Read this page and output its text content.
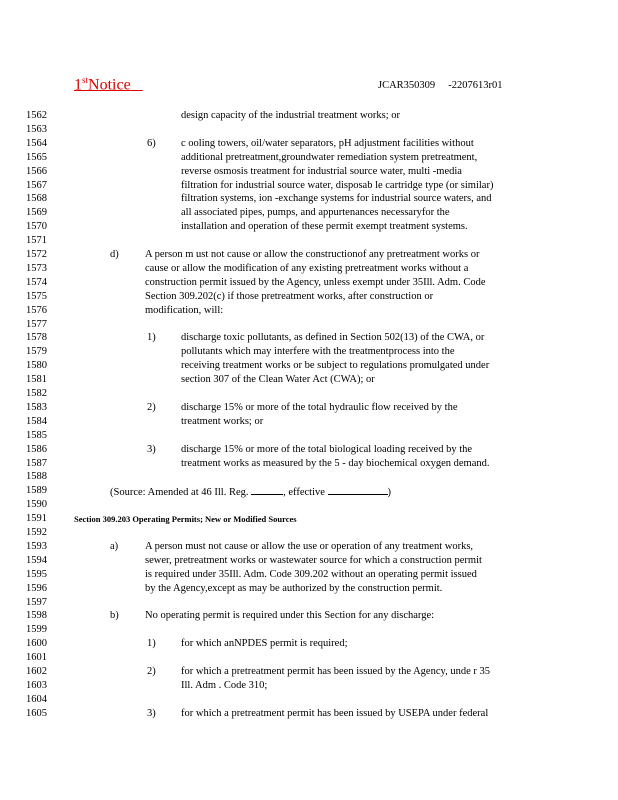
1stNotice	JCAR350309     -2207613r01
1562	design capacity of the industrial treatment works; or
1563
1564	6) c ooling towers, oil/water separators, pH adjustment facilities without
1565	additional pretreatment,groundwater remediation system pretreatment,
1566	reverse osmosis treatment for industrial source water, multi -media
1567	filtration for industrial source water, disposab le cartridge type (or similar)
1568	filtration systems, ion -exchange systems for industrial source waters, and
1569	all associated pipes, pumps, and appurtenances necessaryfor the
1570	installation and operation of these permit exempt treatment systems.
1571
1572	d)	A person m ust not cause or allow the constructionof any pretreatment works or
1573	cause or allow the modification of any existing pretreatment works without a
1574	construction permit issued by the Agency, unless exempt under 35Ill. Adm. Code
1575	Section 309.202(c) if those pretreatment works, after construction or
1576	modification, will:
1577
1578	1) discharge toxic pollutants, as defined in Section 502(13) of the CWA, or
1579	pollutants which may interfere with the treatmentprocess into the
1580	receiving treatment works or be subject to regulations promulgated under
1581	section 307 of the Clean Water Act (CWA); or
1582
1583	2) discharge 15% or more of the total hydraulic flow received by the
1584	treatment works; or
1585
1586	3) discharge 15% or more of the total biological loading received by the
1587	treatment works as measured by the 5 - day biochemical oxygen demand.
1588
1589	(Source: Amended at 46 Ill. Reg.	, effective	)
1590
1591	Section 309.203 Operating Permits; New or Modified Sources
1592
1593	a)	A person must not cause or allow the use or operation of any treatment works,
1594	sewer, pretreatment works or wastewater source for which a construction permit
1595	is required under 35Ill. Adm. Code 309.202 without an operating permit issued
1596	by the Agency,except as may be authorized by the construction permit.
1597
1598	b)	No operating permit is required under this Section for any discharge:
1599
1600	1) for which anNPDES permit is required;
1601
1602	2) for which a pretreatment permit has been issued by the Agency, unde r 35
1603	Ill. Adm . Code 310;
1604
1605	3) for which a pretreatment permit has been issued by USEPA under federal
